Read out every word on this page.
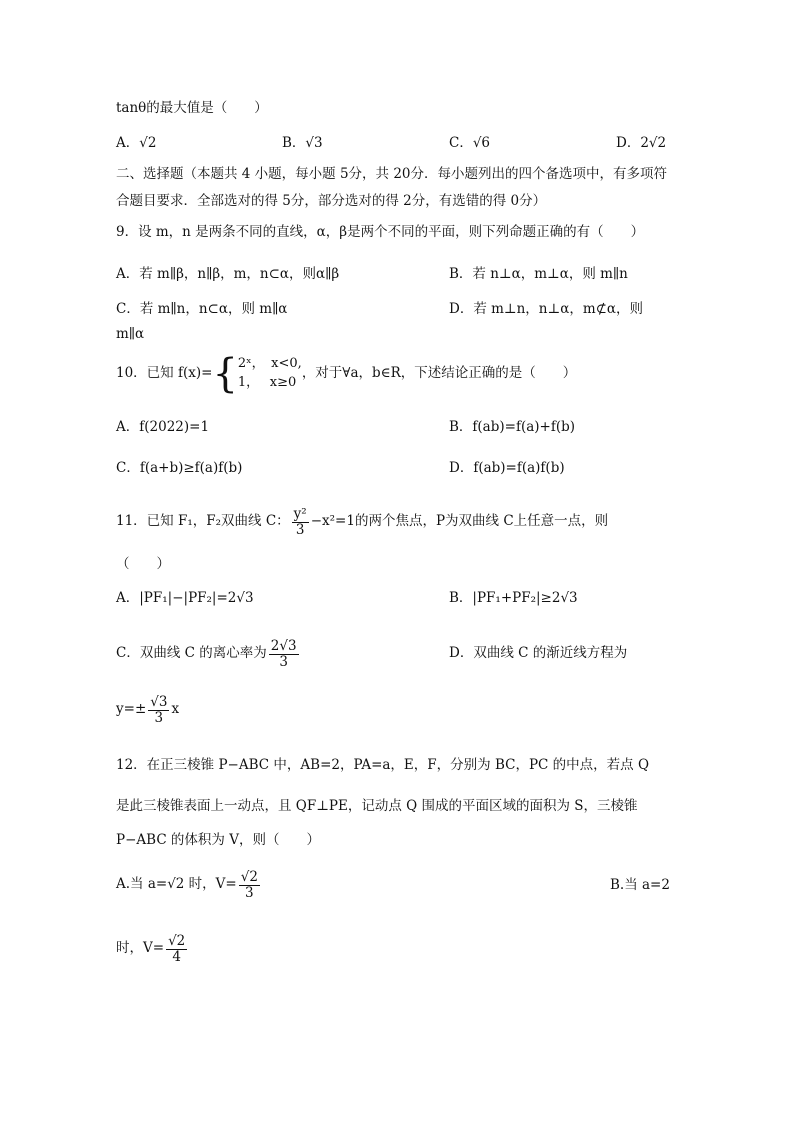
tanθ的最大值是（　　）
A．√2	B．√3	C．√6	D．2√2
二、选择题（本题共 4 小题，每小题 5分，共 20分．每小题列出的四个备选项中，有多项符
合题目要求．全部选对的得 5分，部分选对的得 2分，有选错的得 0分）
9．设 m，n 是两条不同的直线，α，β是两个不同的平面，则下列命题正确的有（　　）
A．若 m∥β，n∥β，m，n⊂α，则α∥β	B．若 n⊥α，m⊥α，则 m∥n
C．若 m∥n，n⊂α，则 m∥α	D．若 m⊥n，n⊥α，m⊄α，则
m∥α
10．已知 f(x)= { 2ˣ，　x<0,
1，　 x≥0
，对于∀a，b∈R，下述结论正确的是（　　）
A．f(2022)=1	B．f(ab)=f(a)+f(b)
C．f(a+b)≥f(a)f(b)	D．f(ab)=f(a)f(b)
11．已知 F₁，F₂双曲线 C： $\frac{\text{y²}}{3} -x^2=1$的两个焦点，P为双曲线 C上任意一点，则
（　　）
A．|PF₁|−|PF₂|=2√3	B．|PF₁+PF₂|≥2√3
C．双曲线 C 的离心率为 $\frac{2√3}{3}$	D．双曲线 C 的渐近线方程为
$y=\pm \frac{√3}{3}$ x
12．在正三棱锥 P−ABC 中，AB=2，PA=a，E，F，分别为 BC，PC 的中点，若点 Q
是此三棱锥表面上一动点，且 QF⊥PE，记动点 Q 围成的平面区域的面积为 S，三棱锥
P−ABC 的体积为 V，则（　　）
A.当 a=√2 时，$V= \frac{√2}{3}$	B.当 a=2
时，$V= \frac{√2}{4}$
